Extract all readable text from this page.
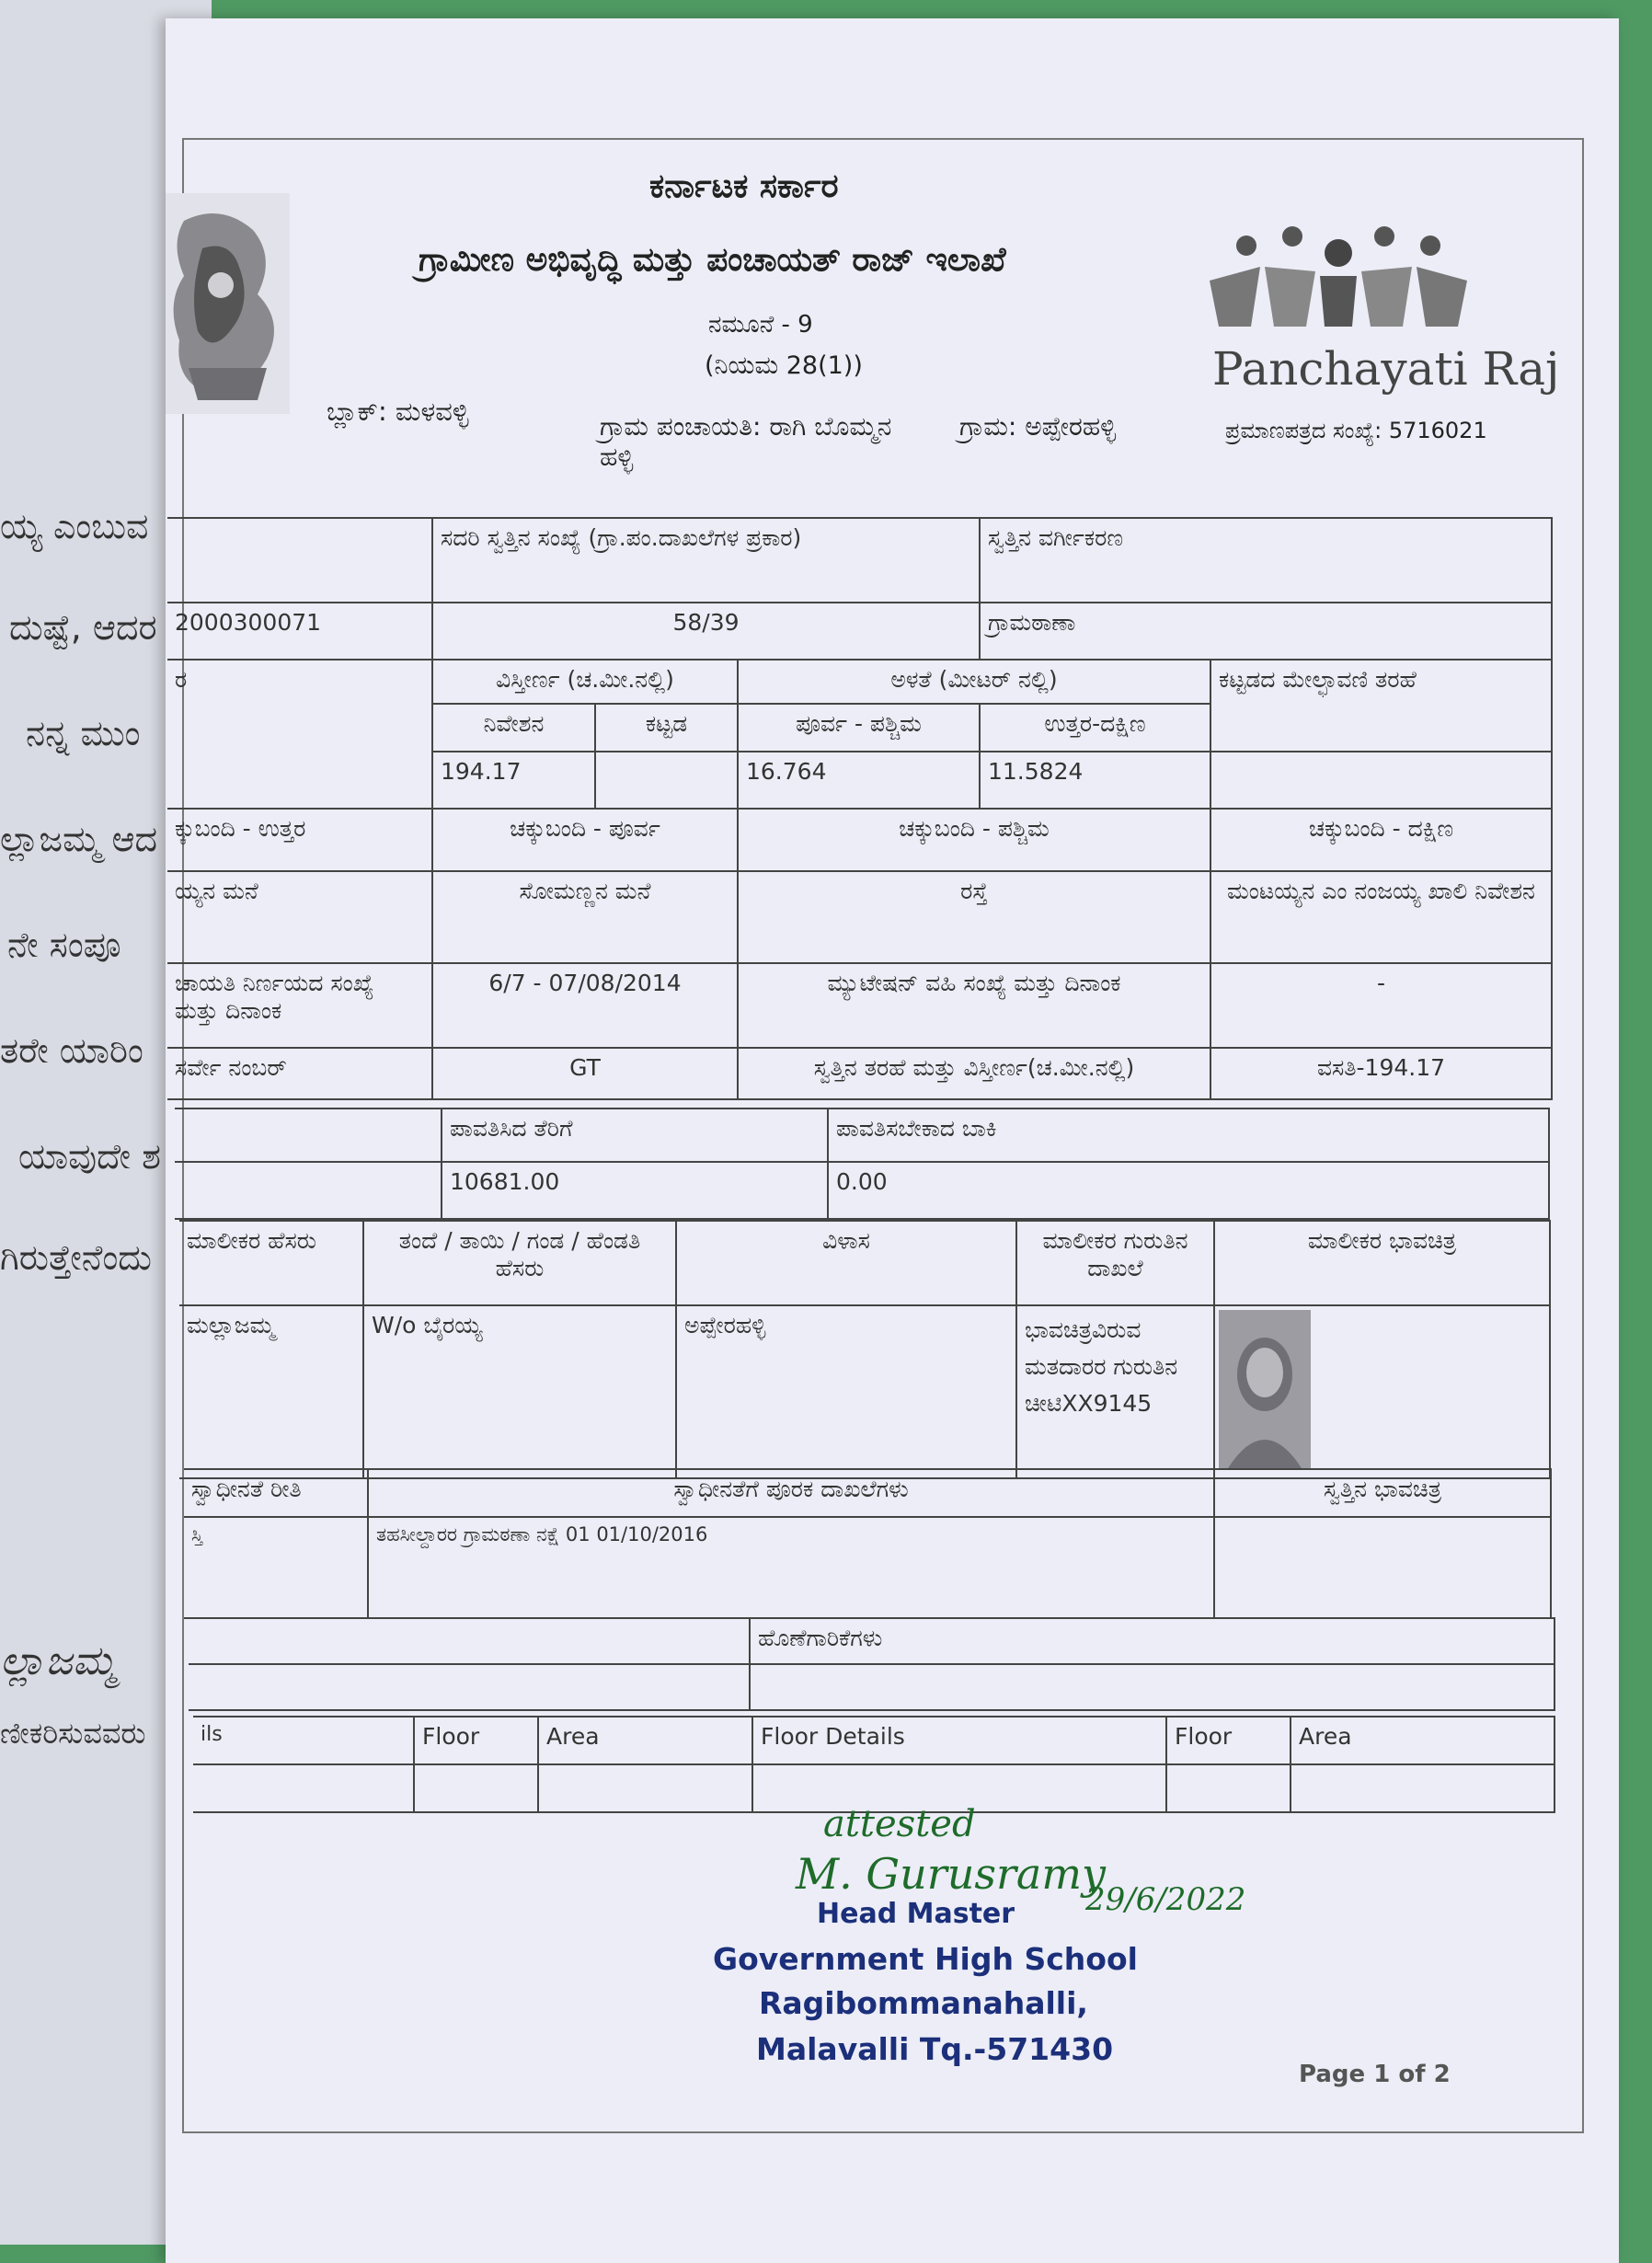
ಯ್ಯ ಎಂಬುವ
ದುಷ್ಟೆ, ಆದರ
ನನ್ನ ಮುಂ
ಲ್ಲಾಜಮ್ಮ ಆದ
ನೇ ಸಂಪೂ
ತರೇ ಯಾರಿಂ
ಯಾವುದೇ ಶ
ಗಿರುತ್ತೇನೆಂದು
ಲ್ಲಾಜಮ್ಮ
ಣೀಕರಿಸುವವರು
ಕರ್ನಾಟಕ ಸರ್ಕಾರ
ಗ್ರಾಮೀಣ ಅಭಿವೃದ್ಧಿ ಮತ್ತು ಪಂಚಾಯತ್ ರಾಜ್ ಇಲಾಖೆ
ನಮೂನೆ - 9
(ನಿಯಮ 28(1))	Panchayati Raj
ಬ್ಲಾಕ್: ಮಳವಳ್ಳಿ	ಗ್ರಾಮ ಪಂಚಾಯತಿ: ರಾಗಿ ಬೊಮ್ಮನ
ಹಳ್ಳಿ
ಗ್ರಾಮ: ಅಪ್ಪೇರಹಳ್ಳಿ	ಪ್ರಮಾಣಪತ್ರದ ಸಂಖ್ಯೆ: 5716021
	ಸದರಿ ಸ್ವತ್ತಿನ ಸಂಖ್ಯೆ (ಗ್ರಾ.ಪಂ.ದಾಖಲೆಗಳ ಪ್ರಕಾರ)			ಸ್ವತ್ತಿನ ವರ್ಗೀಕರಣ	
2000300071	58/39			ಗ್ರಾಮಠಾಣಾ	
ರ	ವಿಸ್ತೀರ್ಣ (ಚ.ಮೀ.ನಲ್ಲಿ)		ಅಳತೆ (ಮೀಟರ್ ನಲ್ಲಿ)		ಕಟ್ಟಡದ ಮೇಲ್ಛಾವಣಿ ತರಹೆ
	ನಿವೇಶನ	ಕಟ್ಟಡ	ಪೂರ್ವ - ಪಶ್ಚಿಮ	ಉತ್ತರ-ದಕ್ಷಿಣ	
	194.17		16.764	11.5824	
ಕ್ಕುಬಂದಿ - ಉತ್ತರ	ಚಕ್ಕುಬಂದಿ - ಪೂರ್ವ		ಚಕ್ಕುಬಂದಿ - ಪಶ್ಚಿಮ		ಚಕ್ಕುಬಂದಿ - ದಕ್ಷಿಣ
ಯ್ಯನ ಮನೆ	ಸೋಮಣ್ಣನ ಮನೆ		ರಸ್ತೆ		ಮಂಟಯ್ಯನ ಎಂ ನಂಜಯ್ಯ ಖಾಲಿ ನಿವೇಶನ
ಚಾಯತಿ ನಿರ್ಣಯದ ಸಂಖ್ಯೆ ಮತ್ತು ದಿನಾಂಕ	6/7 - 07/08/2014		ಮ್ಯುಟೇಷನ್ ವಹಿ ಸಂಖ್ಯೆ ಮತ್ತು ದಿನಾಂಕ		-
ಸರ್ವೇ ನಂಬರ್	GT		ಸ್ವತ್ತಿನ ತರಹೆ ಮತ್ತು ವಿಸ್ತೀರ್ಣ(ಚ.ಮೀ.ನಲ್ಲಿ)		ವಸತಿ-194.17
	ಪಾವತಿಸಿದ ತೆರಿಗೆ	ಪಾವತಿಸಬೇಕಾದ ಬಾಕಿ
	10681.00	0.00
ಮಾಲೀಕರ ಹೆಸರು	ತಂದೆ / ತಾಯಿ / ಗಂಡ / ಹೆಂಡತಿ ಹೆಸರು	ವಿಳಾಸ	ಮಾಲೀಕರ ಗುರುತಿನ ದಾಖಲೆ	ಮಾಲೀಕರ ಭಾವಚಿತ್ರ
ಮಲ್ಲಾಜಮ್ಮ	W/o ಬೈರಯ್ಯ	ಅಪ್ಪೇರಹಳ್ಳಿ	ಭಾವಚಿತ್ರವಿರುವ ಮತದಾರರ ಗುರುತಿನ ಚೀಟಿXX9145	
ಸ್ವಾಧೀನತೆ ರೀತಿ	ಸ್ವಾಧೀನತೆಗೆ ಪೂರಕ ದಾಖಲೆಗಳು	ಸ್ವತ್ತಿನ ಭಾವಚಿತ್ರ
ಸ್ತಿ	ತಹಸೀಲ್ದಾರರ ಗ್ರಾಮಠಣಾ ನಕ್ಷೆ 01 01/10/2016	
	ಹೊಣೆಗಾರಿಕೆಗಳು

ils	Floor	Area	Floor Details	Floor	Area

attested
M. Gurusramy
29/6/2022
Head Master
Government High School
Ragibommanahalli,
Malavalli Tq.-571430
Page 1 of 2
